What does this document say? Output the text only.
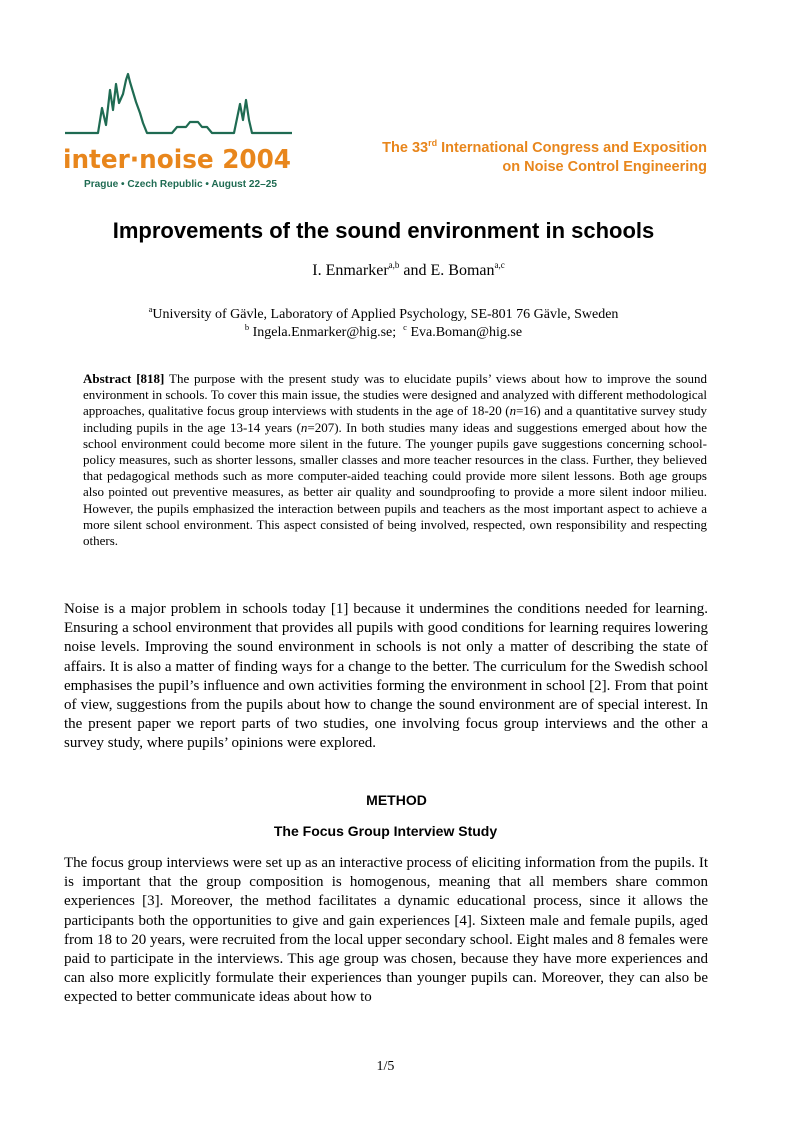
inter·noise 2004
Prague • Czech Republic • August 22–25
The 33rd International Congress and Exposition
on Noise Control Engineering
Improvements of the sound environment in schools
I. Enmarker$^{a,b}$ and E. Boman$^{a,c}$
$^a$University of Gävle, Laboratory of Applied Psychology, SE-801 76 Gävle, Sweden
$^b$ Ingela.Enmarker@hig.se; $^c$ Eva.Boman@hig.se
Abstract [818] The purpose with the present study was to elucidate pupils’ views about how to improve the sound environment in schools. To cover this main issue, the studies were designed and analyzed with different methodological approaches, qualitative focus group interviews with students in the age of 18-20 (n=16) and a quantitative survey study including pupils in the age 13-14 years (n=207). In both studies many ideas and suggestions emerged about how the school environment could become more silent in the future. The younger pupils gave suggestions concerning school-policy measures, such as shorter lessons, smaller classes and more teacher resources in the class. Further, they believed that pedagogical methods such as more computer-aided teaching could provide more silent lessons. Both age groups also pointed out preventive measures, as better air quality and soundproofing to provide a more silent indoor milieu. However, the pupils emphasized the interaction between pupils and teachers as the most important aspect to achieve a more silent school environment. This aspect consisted of being involved, respected, own responsibility and respecting others.
Noise is a major problem in schools today [1] because it undermines the conditions needed for learning. Ensuring a school environment that provides all pupils with good conditions for learning requires lowering noise levels. Improving the sound environment in schools is not only a matter of describing the state of affairs. It is also a matter of finding ways for a change to the better. The curriculum for the Swedish school emphasises the pupil’s influence and own activities forming the environment in school [2]. From that point of view, suggestions from the pupils about how to change the sound environment are of special interest. In the present paper we report parts of two studies, one involving focus group interviews and the other a survey study, where pupils’ opinions were explored.
METHOD
The Focus Group Interview Study
The focus group interviews were set up as an interactive process of eliciting information from the pupils. It is important that the group composition is homogenous, meaning that all members share common experiences [3]. Moreover, the method facilitates a dynamic educational process, since it allows the participants both the opportunities to give and gain experiences [4]. Sixteen male and female pupils, aged from 18 to 20 years, were recruited from the local upper secondary school. Eight males and 8 females were paid to participate in the interviews. This age group was chosen, because they have more experiences and can also more explicitly formulate their experiences than younger pupils can. Moreover, they can also be expected to better communicate ideas about how to
1/5
